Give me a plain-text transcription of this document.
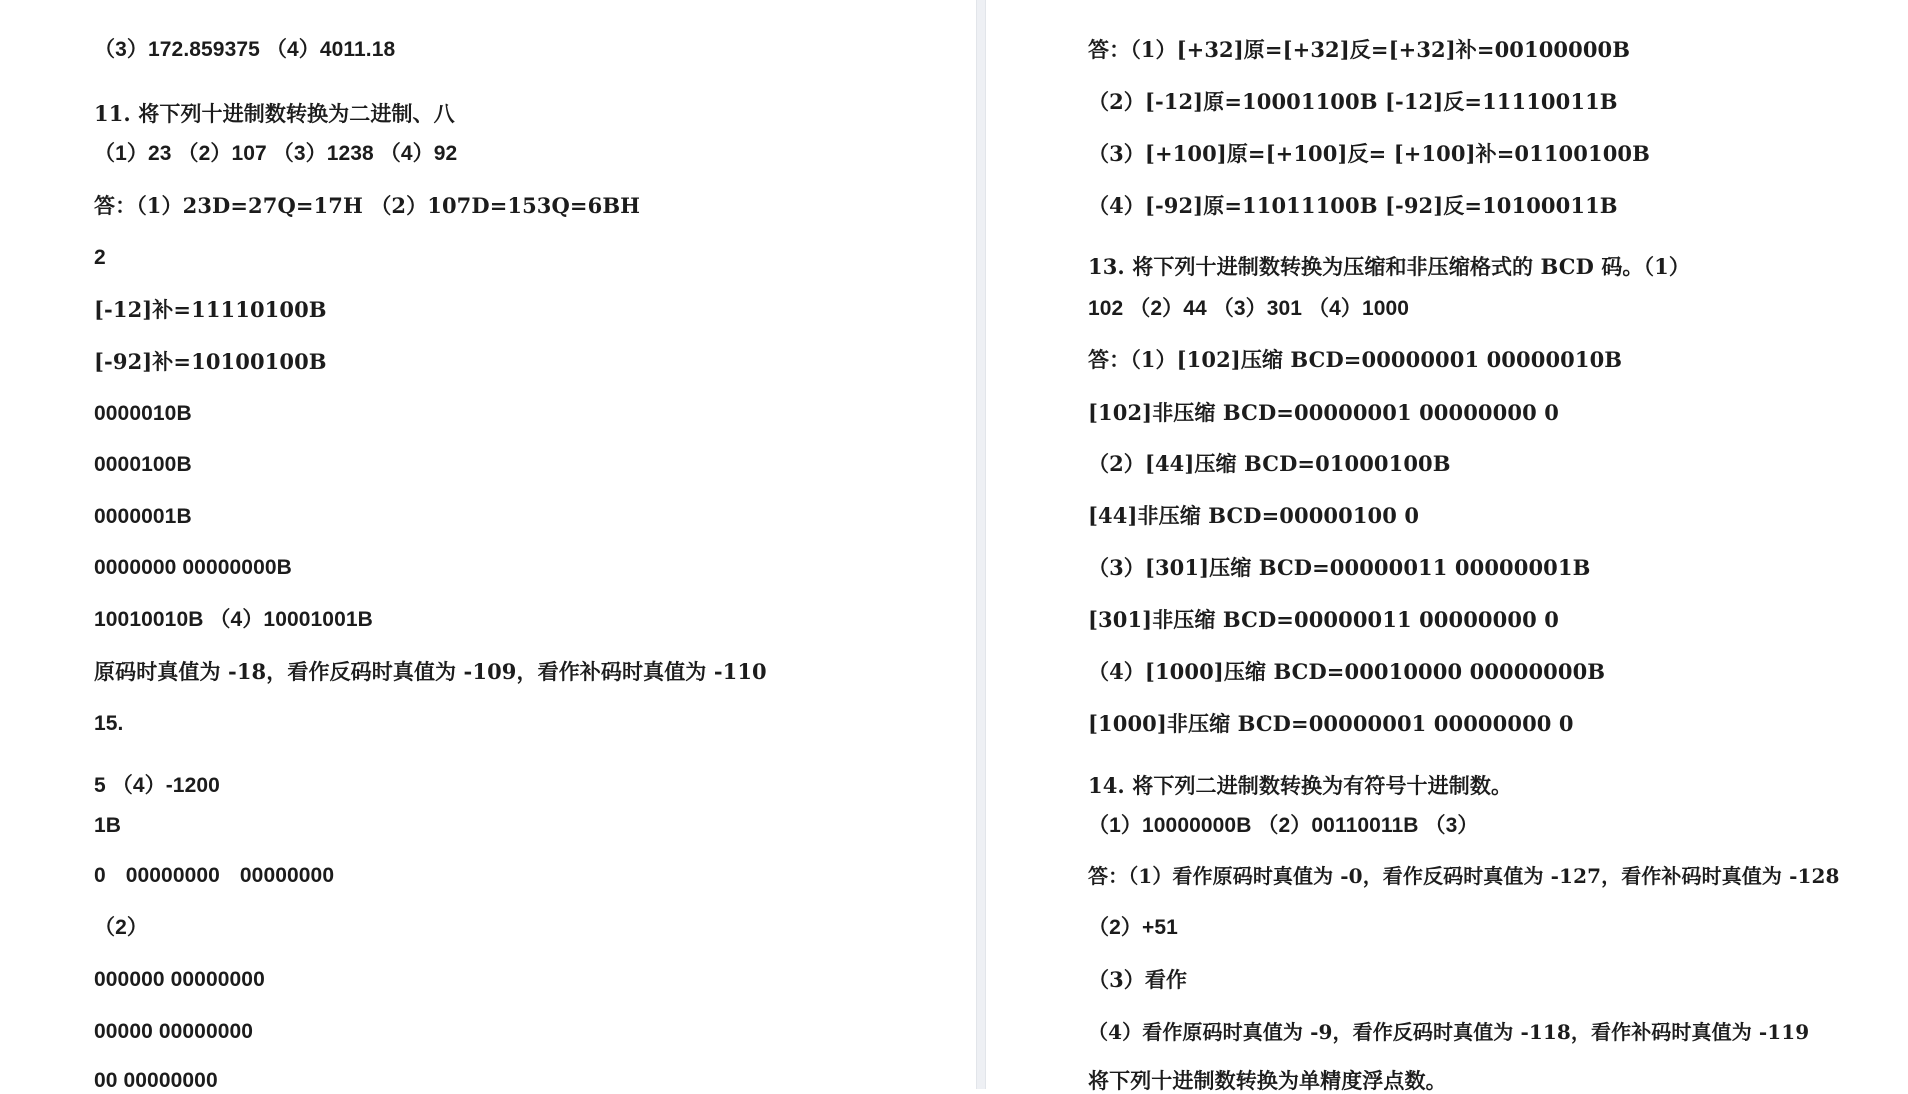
（3）172.859375 （4）4011.18
11. 将下列十进制数转换为二进制、八
（1）23 （2）107 （3）1238 （4）92
答：（1）23D=27Q=17H （2）107D=153Q=6BH
2
[-12]补=11110100B
[-92]补=10100100B
0000010B
0000100B
0000001B
0000000 00000000B
10010010B （4）10001001B
原码时真值为 -18，看作反码时真值为 -109，看作补码时真值为 -110
15.
5 （4）-1200
1B
0 00000000 00000000
（2）
000000 00000000
00000 00000000
00 00000000
答：（1）[+32]原=[+32]反=[+32]补=00100000B
（2）[-12]原=10001100B [-12]反=11110011B
（3）[+100]原=[+100]反= [+100]补=01100100B
（4）[-92]原=11011100B [-92]反=10100011B
13. 将下列十进制数转换为压缩和非压缩格式的 BCD 码。（1）
102 （2）44 （3）301 （4）1000
答：（1）[102]压缩 BCD=00000001 00000010B
[102]非压缩 BCD=00000001 00000000 0
（2）[44]压缩 BCD=01000100B
[44]非压缩 BCD=00000100 0
（3）[301]压缩 BCD=00000011 00000001B
[301]非压缩 BCD=00000011 00000000 0
（4）[1000]压缩 BCD=00010000 00000000B
[1000]非压缩 BCD=00000001 00000000 0
14. 将下列二进制数转换为有符号十进制数。
（1）10000000B （2）00110011B （3）
答：（1）看作原码时真值为 -0，看作反码时真值为 -127，看作补码时真值为 -128
（2）+51
（3）看作
（4）看作原码时真值为 -9，看作反码时真值为 -118，看作补码时真值为 -119
将下列十进制数转换为单精度浮点数。
